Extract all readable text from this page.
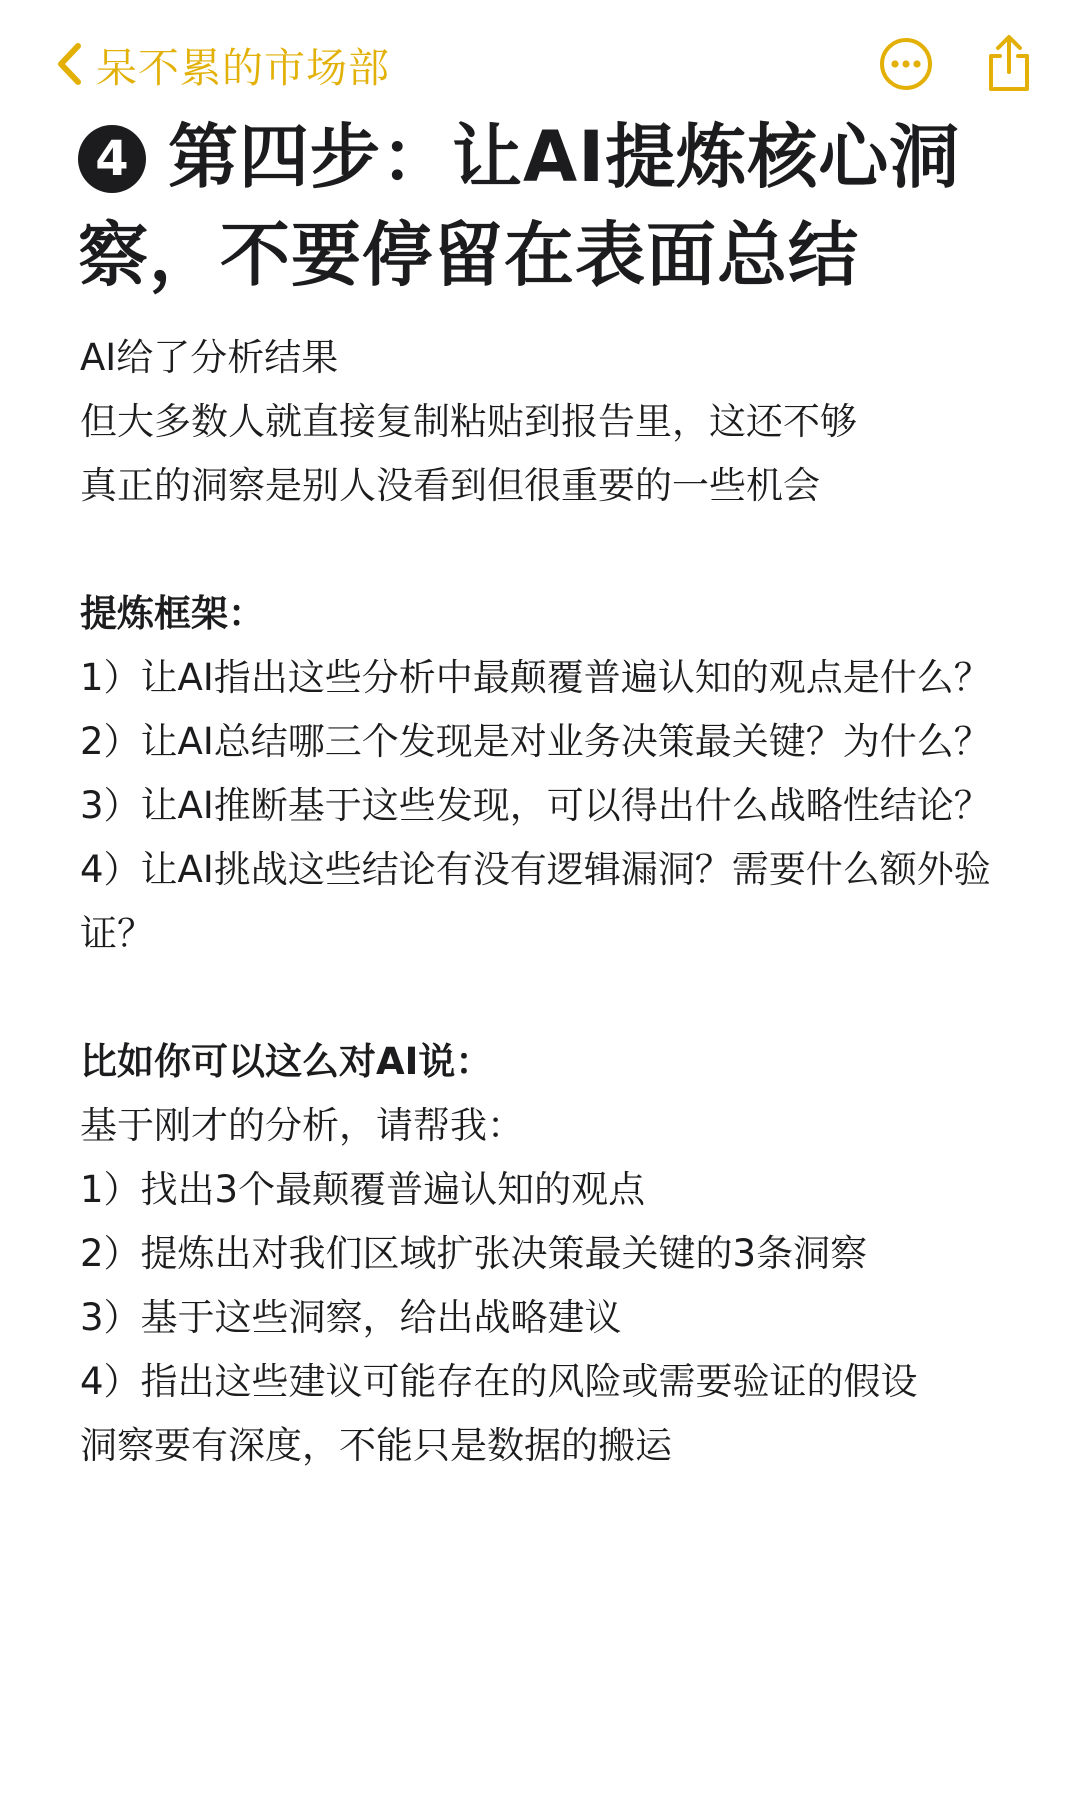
呆不累的市场部
4 第四步：让AI提炼核心洞察，不要停留在表面总结
AI给了分析结果
但大多数人就直接复制粘贴到报告里，这还不够
真正的洞察是别人没看到但很重要的一些机会
提炼框架：
1）让AI指出这些分析中最颠覆普遍认知的观点是什么？
2）让AI总结哪三个发现是对业务决策最关键？为什么？
3）让AI推断基于这些发现，可以得出什么战略性结论？
4）让AI挑战这些结论有没有逻辑漏洞？需要什么额外验证？
比如你可以这么对AI说：
基于刚才的分析，请帮我：
1）找出3个最颠覆普遍认知的观点
2）提炼出对我们区域扩张决策最关键的3条洞察
3）基于这些洞察，给出战略建议
4）指出这些建议可能存在的风险或需要验证的假设
洞察要有深度，不能只是数据的搬运
